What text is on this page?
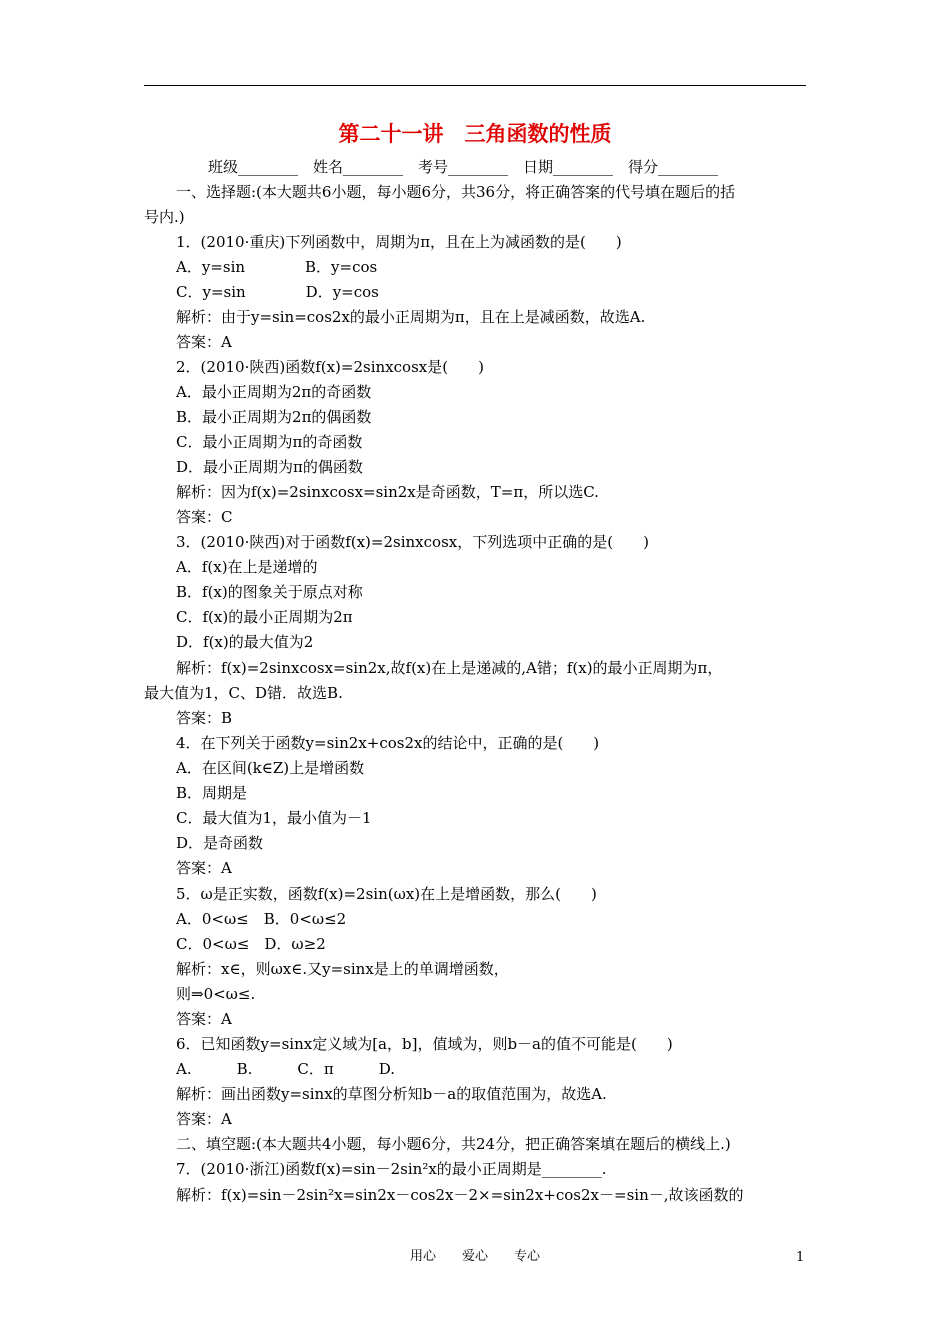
第二十一讲　三角函数的性质
班级________　姓名________　考号________　日期________　得分________
一、选择题:(本大题共6小题，每小题6分，共36分，将正确答案的代号填在题后的括
号内.)
1．(2010·重庆)下列函数中，周期为π，且在上为减函数的是(　　)
A．y=sin　　　　B．y=cos
C．y=sin　　　　D．y=cos
解析：由于y=sin=cos2x的最小正周期为π，且在上是减函数，故选A.
答案：A
2．(2010·陕西)函数f(x)=2sinxcosx是(　　)
A．最小正周期为2π的奇函数
B．最小正周期为2π的偶函数
C．最小正周期为π的奇函数
D．最小正周期为π的偶函数
解析：因为f(x)=2sinxcosx=sin2x是奇函数，T=π，所以选C.
答案：C
3．(2010·陕西)对于函数f(x)=2sinxcosx，下列选项中正确的是(　　)
A．f(x)在上是递增的
B．f(x)的图象关于原点对称
C．f(x)的最小正周期为2π
D．f(x)的最大值为2
解析：f(x)=2sinxcosx=sin2x,故f(x)在上是递减的,A错；f(x)的最小正周期为π，
最大值为1，C、D错．故选B.
答案：B
4．在下列关于函数y=sin2x+cos2x的结论中，正确的是(　　)
A．在区间(k∈Z)上是增函数
B．周期是
C．最大值为1，最小值为－1
D．是奇函数
答案：A
5．ω是正实数，函数f(x)=2sin(ωx)在上是增函数，那么(　　)
A．0<ω≤　B．0<ω≤2
C．0<ω≤　D．ω≥2
解析：x∈，则ωx∈.又y=sinx是上的单调增函数，
则⇒0<ω≤.
答案：A
6．已知函数y=sinx定义域为[a，b]，值域为，则b－a的值不可能是(　　)
A.　　　B.　　　C．π　　　D.
解析：画出函数y=sinx的草图分析知b－a的取值范围为，故选A.
答案：A
二、填空题:(本大题共4小题，每小题6分，共24分，把正确答案填在题后的横线上.)
7．(2010·浙江)函数f(x)=sin－2sin²x的最小正周期是________.
解析：f(x)=sin－2sin²x=sin2x－cos2x－2×=sin2x+cos2x－=sin－,故该函数的
用心　　爱心　　专心	1
